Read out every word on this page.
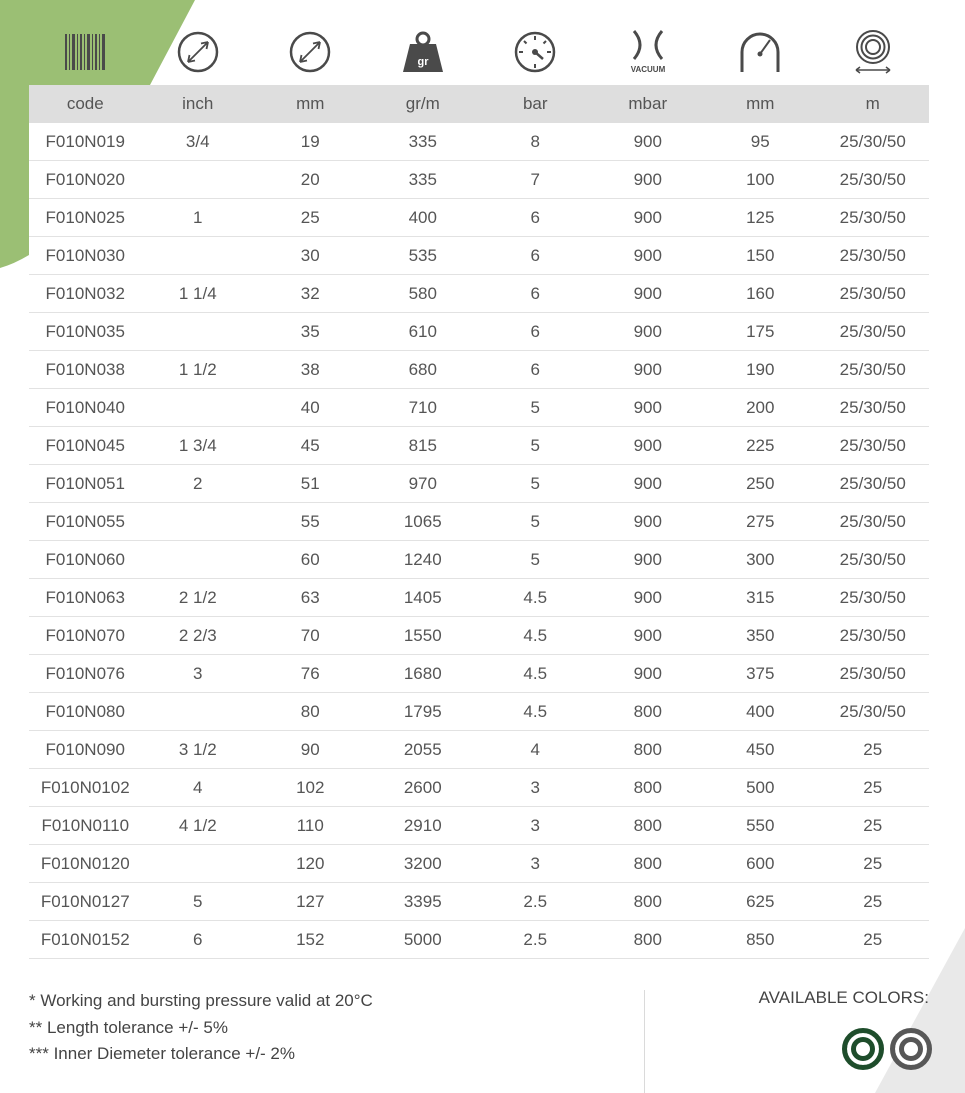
gr
VACUUM
code	inch	mm	gr/m	bar	mbar	mm	m
F010N019	3/4	19	335	8	900	95	25/30/50
F010N020		20	335	7	900	100	25/30/50
F010N025	1	25	400	6	900	125	25/30/50
F010N030		30	535	6	900	150	25/30/50
F010N032	1 1/4	32	580	6	900	160	25/30/50
F010N035		35	610	6	900	175	25/30/50
F010N038	1 1/2	38	680	6	900	190	25/30/50
F010N040		40	710	5	900	200	25/30/50
F010N045	1 3/4	45	815	5	900	225	25/30/50
F010N051	2	51	970	5	900	250	25/30/50
F010N055		55	1065	5	900	275	25/30/50
F010N060		60	1240	5	900	300	25/30/50
F010N063	2 1/2	63	1405	4.5	900	315	25/30/50
F010N070	2 2/3	70	1550	4.5	900	350	25/30/50
F010N076	3	76	1680	4.5	900	375	25/30/50
F010N080		80	1795	4.5	800	400	25/30/50
F010N090	3 1/2	90	2055	4	800	450	25
F010N0102	4	102	2600	3	800	500	25
F010N0110	4 1/2	110	2910	3	800	550	25
F010N0120		120	3200	3	800	600	25
F010N0127	5	127	3395	2.5	800	625	25
F010N0152	6	152	5000	2.5	800	850	25
* Working and bursting pressure valid at 20°C
** Length tolerance +/- 5%
*** Inner Diemeter tolerance +/- 2%
AVAILABLE COLORS:
